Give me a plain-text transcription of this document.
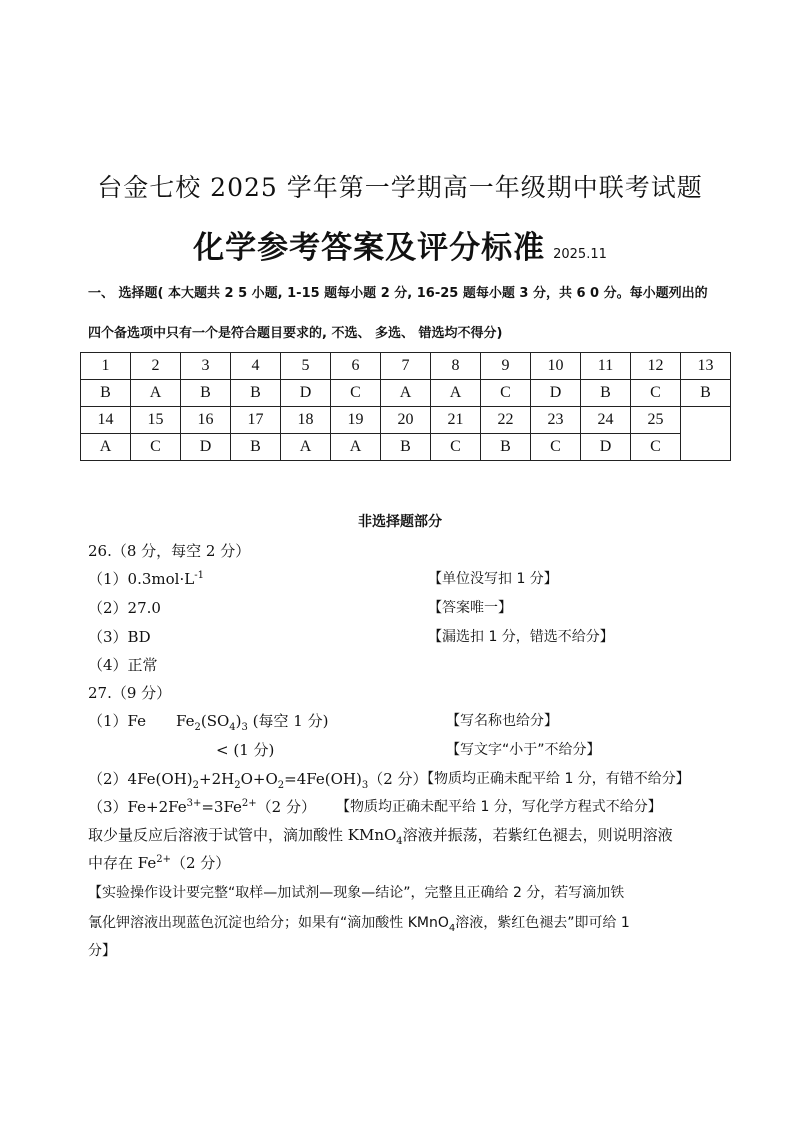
台金七校 2025 学年第一学期高一年级期中联考试题
化学参考答案及评分标准 2025.11
一、 选择题( 本大题共 2 5 小题, 1-15 题每小题 2 分, 16-25 题每小题 3 分，共 6 0 分。每小题列出的
四个备选项中只有一个是符合题目要求的, 不选、 多选、 错选均不得分)
1	2	3	4	5	6	7	8	9	10	11	12	13
B	A	B	B	D	C	A	A	C	D	B	C	B
14	15	16	17	18	19	20	21	22	23	24	25	
A	C	D	B	A	A	B	C	B	C	D	C	
非选择题部分
26.（8 分，每空 2 分）
$(1)0.3mol\cdot L^{-1}$	【单位没写扣 1 分】
（2）27.0	【答案唯一】
（3）BD	【漏选扣 1 分，错选不给分】
（4）正常
27.（9 分）
（1）Fe $Fe_2(SO_4)_3$ (每空 1 分)	【写名称也给分】
< (1 分)	【写文字“小于”不给分】
$(2)4Fe(OH)_2+2H_2O+O_2=4Fe(OH)_3(2$ 分）
【物质均正确未配平给 1 分，有错不给分】
$(3)Fe+2Fe^{3+}=3Fe^{2+}(2$ 分） 【物质均正确未配平给 1 分，写化学方程式不给分】
取少量反应后溶液于试管中，滴加酸性 KMnO$_4$溶液并振荡，若紫红色褪去，则说明溶液
中存在 $Fe^{2+}(2$ 分）
【实验操作设计要完整“取样—加试剂—现象—结论”，完整且正确给 2 分，若写滴加铁
氰化钾溶液出现蓝色沉淀也给分；如果有“滴加酸性 KMnO$_4$溶液，紫红色褪去”即可给 1
分】
